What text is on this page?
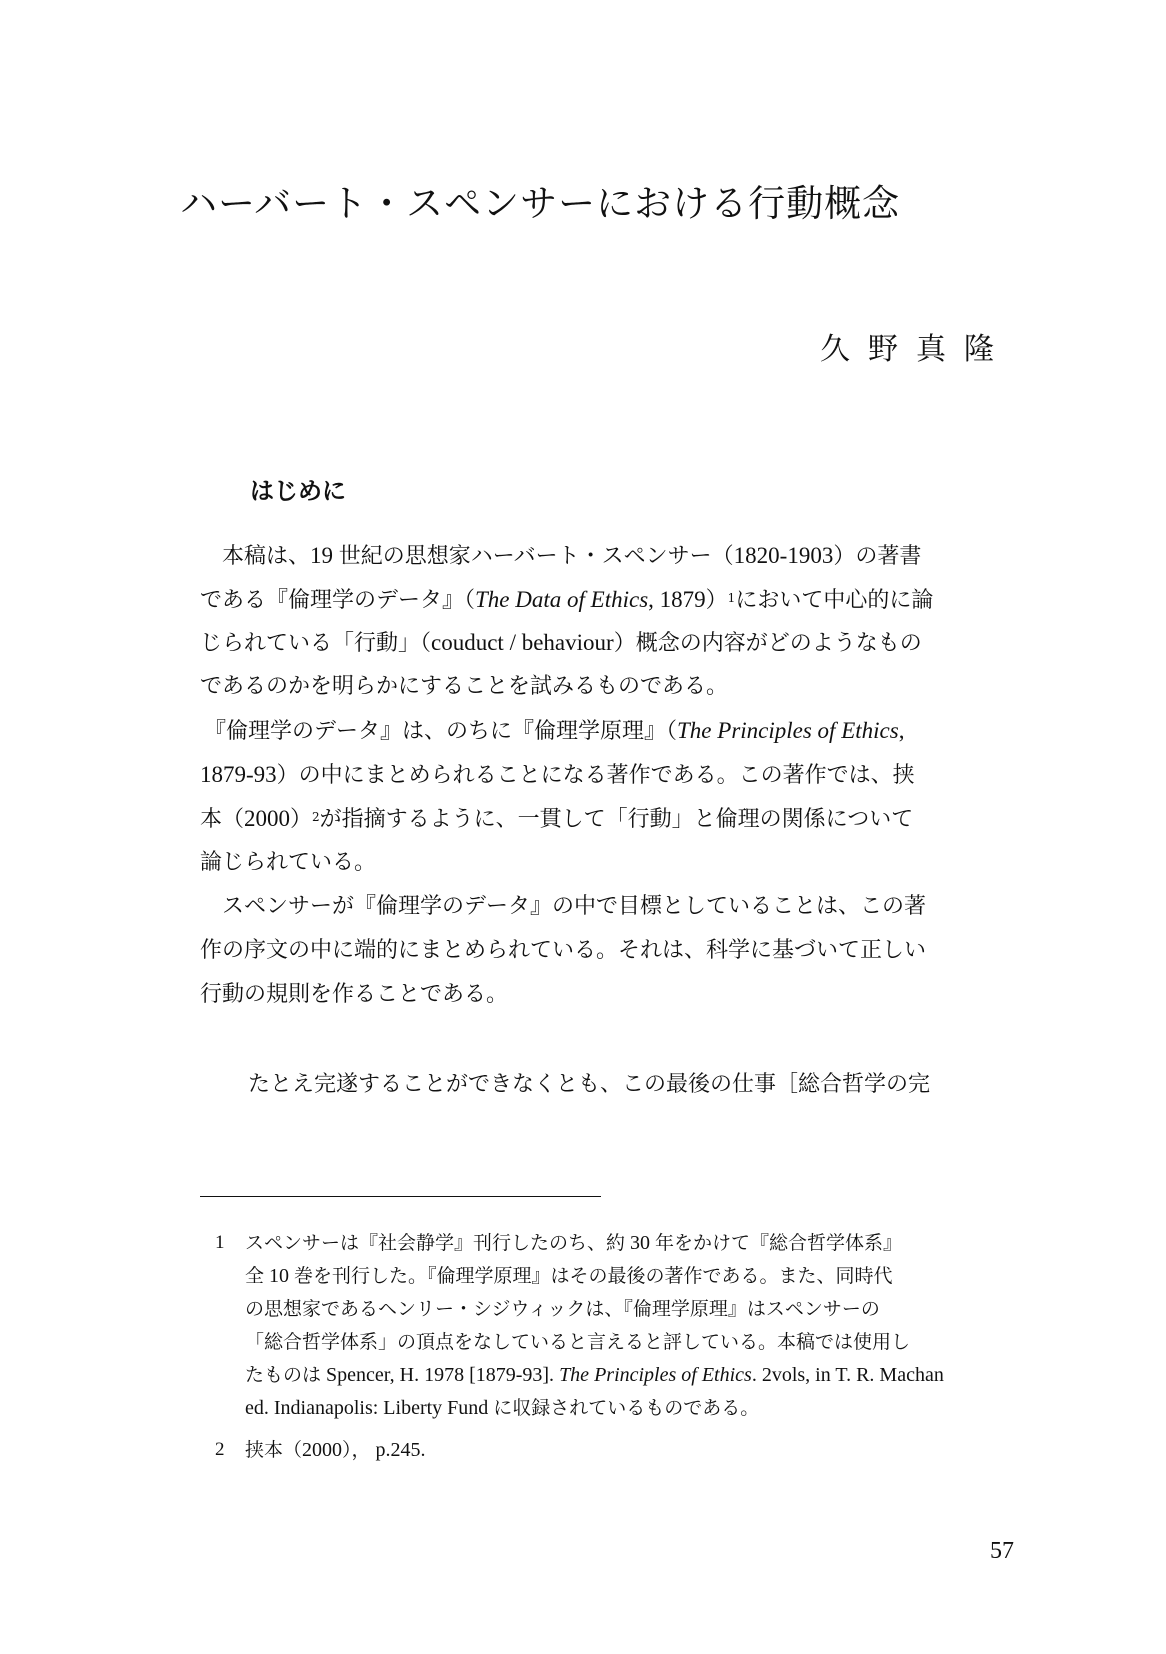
ハーバート・スペンサーにおける行動概念
久野真隆
はじめに
本稿は、19 世紀の思想家ハーバート・スペンサー（1820-1903）の著書
である『倫理学のデータ』（The Data of Ethics, 1879）$^1$において中心的に論
じられている「行動」（couduct / behaviour）概念の内容がどのようなもの
であるのかを明らかにすることを試みるものである。
『倫理学のデータ』は、のちに『倫理学原理』（The Principles of Ethics,
1879-93）の中にまとめられることになる著作である。この著作では、挟
本$(2000)^2$が指摘するように、一貫して「行動」と倫理の関係について
論じられている。
スペンサーが『倫理学のデータ』の中で目標としていることは、この著
作の序文の中に端的にまとめられている。それは、科学に基づいて正しい
行動の規則を作ることである。
たとえ完遂することができなくとも、この最後の仕事［総合哲学の完
1 スペンサーは『社会静学』刊行したのち、約 30 年をかけて『総合哲学体系』
全 10 巻を刊行した。『倫理学原理』はその最後の著作である。また、同時代
の思想家であるヘンリー・シジウィックは、『倫理学原理』はスペンサーの
「総合哲学体系」の頂点をなしていると言えると評している。本稿では使用し
たものは Spencer, H. 1978 [1879-93]. The Principles of Ethics. 2vols, in T. R. Machan
ed. Indianapolis: Liberty Fund に収録されているものである。
2 挟本（2000）， p.245.
57
